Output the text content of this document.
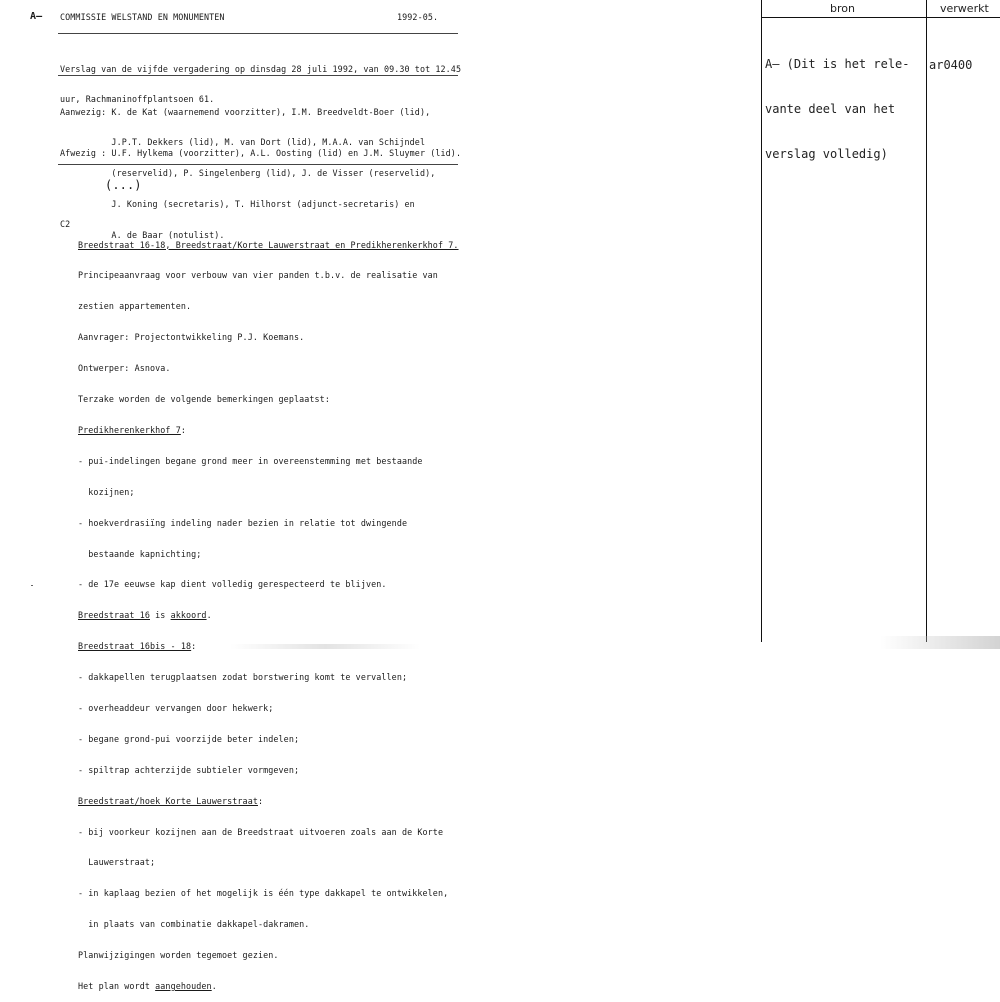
A— COMMISSIE WELSTAND EN MONUMENTEN	1992-05.

Verslag van de vijfde vergadering op dinsdag 28 juli 1992, van 09.30 tot 12.45

uur, Rachmaninoffplantsoen 61.

Aanwezig: K. de Kat (waarnemend voorzitter), I.M. Breedveldt-Boer (lid),

J.P.T. Dekkers (lid), M. van Dort (lid), M.A.A. van Schijndel

(reservelid), P. Singelenberg (lid), J. de Visser (reservelid),

J. Koning (secretaris), T. Hilhorst (adjunct-secretaris) en

A. de Baar (notulist).

Afwezig : U.F. Hylkema (voorzitter), A.L. Oosting (lid) en J.M. Sluymer (lid).
(...)
C2

Breedstraat 16-18, Breedstraat/Korte Lauwerstraat en Predikherenkerkhof 7.

Principeaanvraag voor verbouw van vier panden t.b.v. de realisatie van

zestien appartementen.

Aanvrager: Projectontwikkeling P.J. Koemans.

Ontwerper: Asnova.

Terzake worden de volgende bemerkingen geplaatst:

Predikherenkerkhof 7:

- pui-indelingen begane grond meer in overeenstemming met bestaande

kozijnen;

- hoekverdrasiïng indeling nader bezien in relatie tot dwingende

bestaande kapnichting;

- de 17e eeuwse kap dient volledig gerespecteerd te blijven.

Breedstraat 16 is akkoord.

Breedstraat 16bis - 18:

- dakkapellen terugplaatsen zodat borstwering komt te vervallen;

- overheaddeur vervangen door hekwerk;

- begane grond-pui voorzijde beter indelen;

- spiltrap achterzijde subtieler vormgeven;

Breedstraat/hoek Korte Lauwerstraat:

- bij voorkeur kozijnen aan de Breedstraat uitvoeren zoals aan de Korte

Lauwerstraat;

- in kaplaag bezien of het mogelijk is één type dakkapel te ontwikkelen,

in plaats van combinatie dakkapel-dakramen.

Planwijzigingen worden tegemoet gezien.

Het plan wordt aangehouden.

bron	verwerkt

A— (Dit is het rele-

vante deel van het

verslag volledig)

ar0400
